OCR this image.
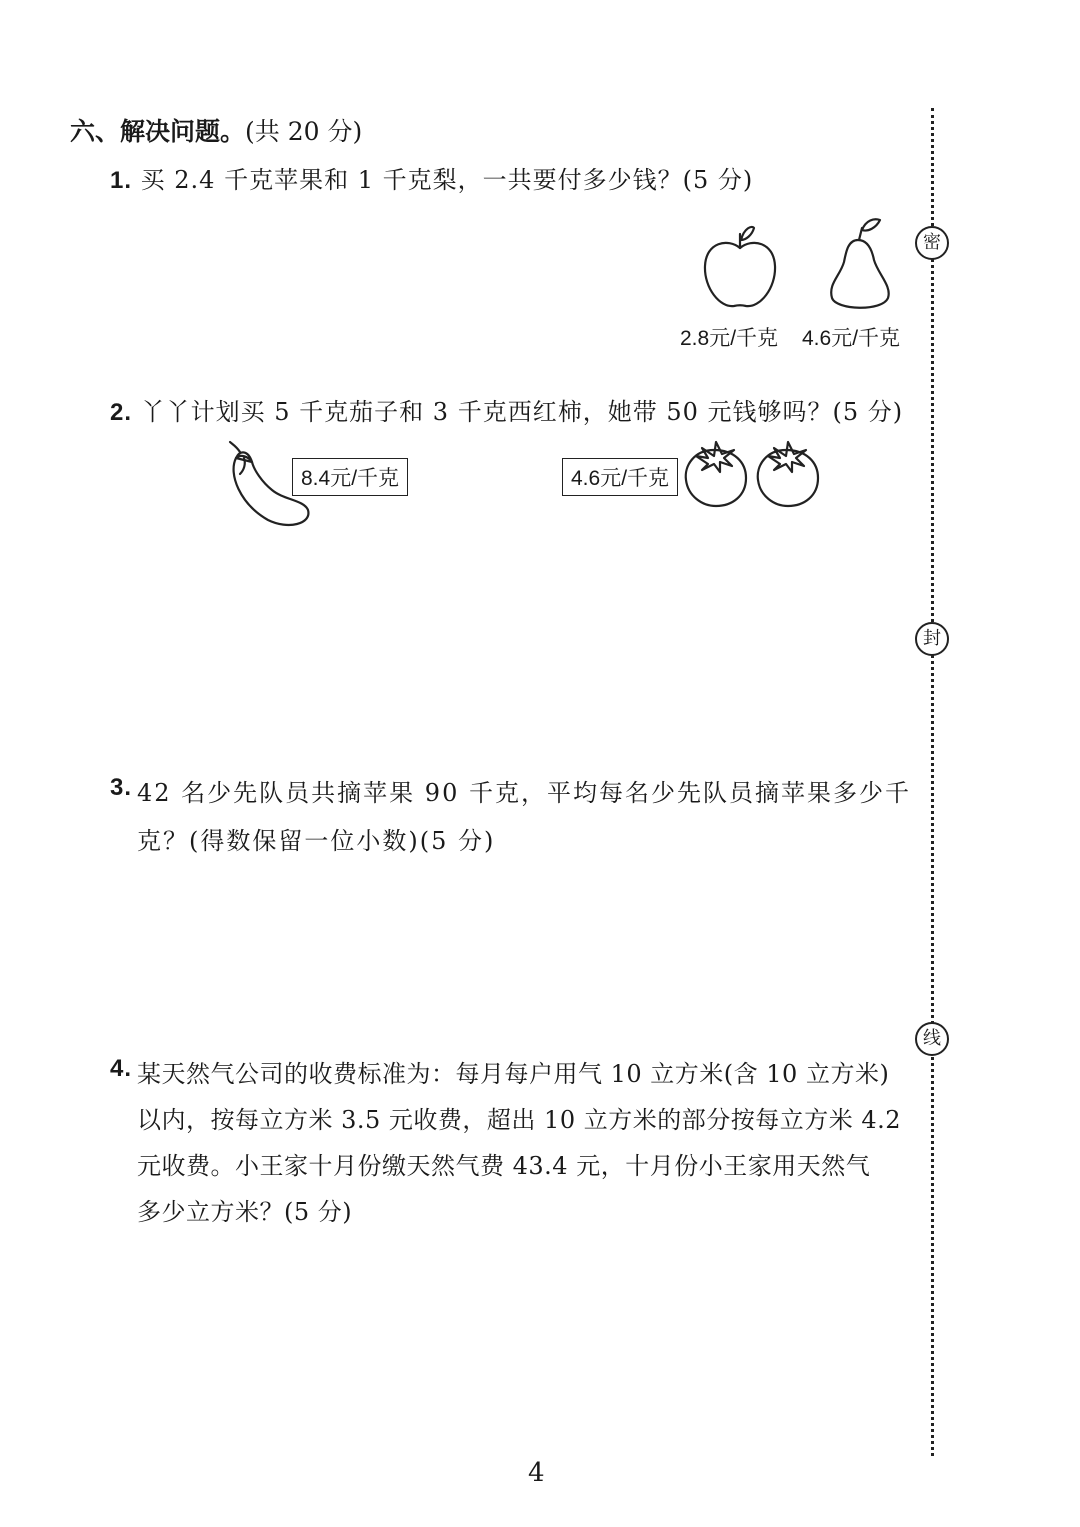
六、解决问题。(共 20 分)
1. 买 2.4 千克苹果和 1 千克梨，一共要付多少钱？(5 分)
2.8元/千克 4.6元/千克
2. 丫丫计划买 5 千克茄子和 3 千克西红柿，她带 50 元钱够吗？(5 分)
8.4元/千克	4.6元/千克
3. 42 名少先队员共摘苹果 90 千克，平均每名少先队员摘苹果多少千
克？(得数保留一位小数)(5 分)
4. 某天然气公司的收费标准为：每月每户用气 10 立方米(含 10 立方米)
以内，按每立方米 3.5 元收费，超出 10 立方米的部分按每立方米 4.2
元收费。小王家十月份缴天然气费 43.4 元，十月份小王家用天然气
多少立方米？(5 分)
密
封
线
4
